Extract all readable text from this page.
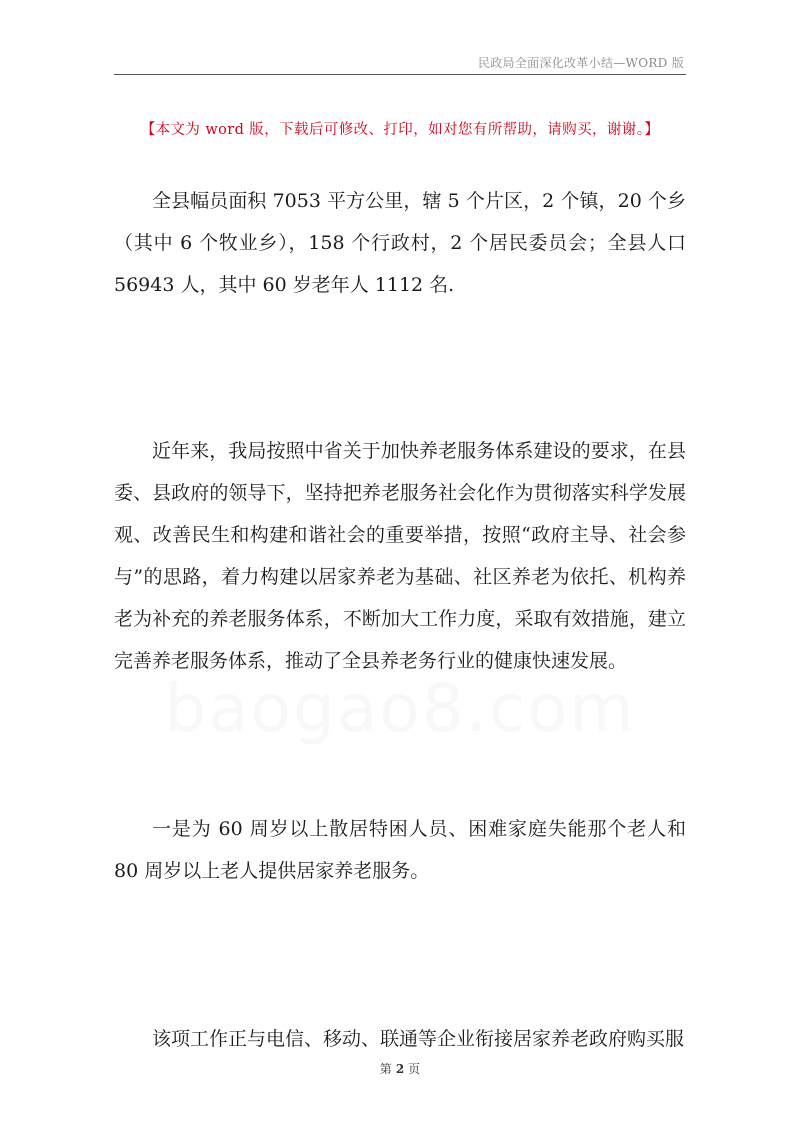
民政局全面深化改革小结—WORD 版
【本文为 word 版，下载后可修改、打印，如对您有所帮助，请购买，谢谢。】
baogao8.com

全县幅员面积 7053 平方公里，辖 5 个片区，2 个镇，20 个乡（其中 6 个牧业乡），158 个行政村，2 个居民委员会；全县人口 56943 人，其中 60 岁老年人 1112 名.

近年来，我局按照中省关于加快养老服务体系建设的要求，在县委、县政府的领导下，坚持把养老服务社会化作为贯彻落实科学发展观、改善民生和构建和谐社会的重要举措，按照“政府主导、社会参与”的思路，着力构建以居家养老为基础、社区养老为依托、机构养老为补充的养老服务体系，不断加大工作力度，采取有效措施，建立完善养老服务体系，推动了全县养老务行业的健康快速发展。

一是为 60 周岁以上散居特困人员、困难家庭失能那个老人和 80 周岁以上老人提供居家养老服务。

该项工作正与电信、移动、联通等企业衔接居家养老政府购买服

第 2 页
